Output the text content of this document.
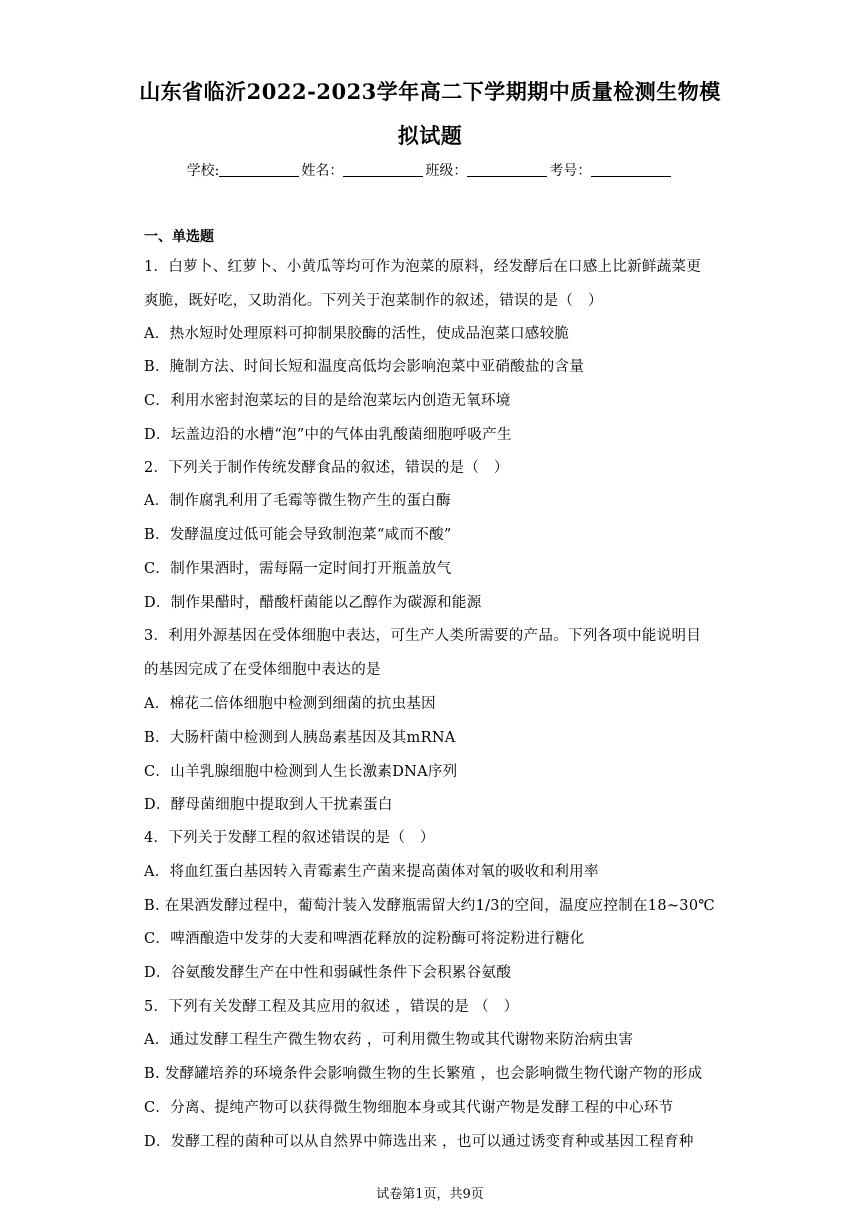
山东省临沂2022-2023学年高二下学期期中质量检测生物模
拟试题
学校:	姓名：	班级：	考号：
一、单选题
1．白萝卜、红萝卜、小黄瓜等均可作为泡菜的原料，经发酵后在口感上比新鲜蔬菜更
爽脆，既好吃，又助消化。下列关于泡菜制作的叙述，错误的是（　）
A．热水短时处理原料可抑制果胶酶的活性，使成品泡菜口感较脆
B．腌制方法、时间长短和温度高低均会影响泡菜中亚硝酸盐的含量
C．利用水密封泡菜坛的目的是给泡菜坛内创造无氧环境
D．坛盖边沿的水槽“泡”中的气体由乳酸菌细胞呼吸产生
2．下列关于制作传统发酵食品的叙述，错误的是（　）
A．制作腐乳利用了毛霉等微生物产生的蛋白酶
B．发酵温度过低可能会导致制泡菜“咸而不酸”
C．制作果酒时，需每隔一定时间打开瓶盖放气
D．制作果醋时，醋酸杆菌能以乙醇作为碳源和能源
3．利用外源基因在受体细胞中表达，可生产人类所需要的产品。下列各项中能说明目
的基因完成了在受体细胞中表达的是
A．棉花二倍体细胞中检测到细菌的抗虫基因
B．大肠杆菌中检测到人胰岛素基因及其mRNA
C．山羊乳腺细胞中检测到人生长激素DNA序列
D．酵母菌细胞中提取到人干扰素蛋白
4．下列关于发酵工程的叙述错误的是（　）
A．将血红蛋白基因转入青霉素生产菌来提高菌体对氧的吸收和利用率
B. 在果酒发酵过程中，葡萄汁装入发酵瓶需留大约1/3的空间，温度应控制在18~30℃
C．啤酒酿造中发芽的大麦和啤酒花释放的淀粉酶可将淀粉进行糖化
D．谷氨酸发酵生产在中性和弱碱性条件下会积累谷氨酸
5．下列有关发酵工程及其应用的叙述 ，错误的是 （　）
A．通过发酵工程生产微生物农药 ，可利用微生物或其代谢物来防治病虫害
B. 发酵罐培养的环境条件会影响微生物的生长繁殖 ，也会影响微生物代谢产物的形成
C．分离、提纯产物可以获得微生物细胞本身或其代谢产物是发酵工程的中心环节
D．发酵工程的菌种可以从自然界中筛选出来 ，也可以通过诱变育种或基因工程育种
试卷第1页，共9页
